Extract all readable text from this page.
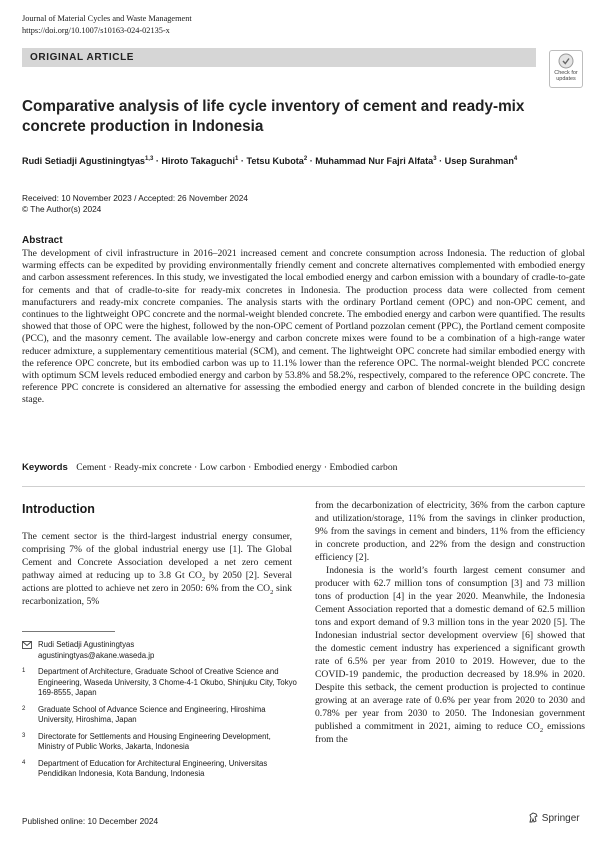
Journal of Material Cycles and Waste Management
https://doi.org/10.1007/s10163-024-02135-x
ORIGINAL ARTICLE
Check for
updates
Comparative analysis of life cycle inventory of cement and ready-mix concrete production in Indonesia
Rudi Setiadji Agustiningtyas$^{1,3}$ · Hiroto Takaguchi$^1$ · Tetsu Kubota$^2$ · Muhammad Nur Fajri Alfata$^3$ · Usep Surahman$^4$
Received: 10 November 2023 / Accepted: 26 November 2024
© The Author(s) 2024
Abstract
The development of civil infrastructure in 2016–2021 increased cement and concrete consumption across Indonesia. The reduction of global warming effects can be expedited by providing environmentally friendly cement and concrete alternatives complemented with embodied energy and carbon assessment references. In this study, we investigated the local embodied energy and carbon emission with a boundary of cradle-to-gate for cements and that of cradle-to-site for ready-mix concretes in Indonesia. The production process data were collected from cement manufacturers and ready-mix concrete companies. The analysis starts with the ordinary Portland cement (OPC) and non-OPC cement, and continues to the lightweight OPC concrete and the normal-weight blended concrete. The embodied energy and carbon were quantified. The results showed that those of OPC were the highest, followed by the non-OPC cement of Portland pozzolan cement (PPC), the Portland cement composite (PCC), and the masonry cement. The available low-energy and carbon concrete mixes were found to be a combination of a high-range water reducer admixture, a supplementary cementitious material (SCM), and cement. The lightweight OPC concrete had similar embodied energy with the reference OPC concrete, but its embodied carbon was up to 11.1% lower than the reference OPC. The normal-weight blended PCC concrete with optimum SCM levels reduced embodied energy and carbon by 53.8% and 58.2%, respectively, compared to the reference OPC concrete. The reference PPC concrete is considered an alternative for assessing the embodied energy and carbon of blended concrete in the building design stage.
Keywords Cement · Ready-mix concrete · Low carbon · Embodied energy · Embodied carbon
Introduction
The cement sector is the third-largest industrial energy consumer, comprising 7% of the global industrial energy use [1]. The Global Cement and Concrete Association developed a net zero cement pathway aimed at reducing up to 3.8 Gt $CO_2$ by 2050 [2]. Several actions are plotted to achieve net zero in 2050: 6% from the $CO_2$ sink recarbonization, 5%

from the decarbonization of electricity, 36% from the carbon capture and utilization/storage, 11% from the savings in clinker production, 9% from the savings in cement and binders, 11% from the efficiency in concrete production, and 22% from the design and construction efficiency [2].

Indonesia is the world’s fourth largest cement consumer and producer with 62.7 million tons of consumption [3] and 73 million tons of production [4] in the year 2020. Meanwhile, the Indonesia Cement Association reported that a domestic demand of 62.5 million tons and export demand of 9.3 million tons in the year 2020 [5]. The Indonesian industrial sector development overview [6] showed that the domestic cement industry has experienced a significant growth rate of 6.5% per year from 2010 to 2019. However, due to the COVID-19 pandemic, the production decreased by 18.9% in 2020. Despite this setback, the cement production is projected to continue growing at an average rate of 0.6% per year from 2020 to 2030 and 0.78% per year from 2030 to 2050. The Indonesian government published a commitment in 2021, aiming to reduce $CO_2$ emissions from the

Rudi Setiadji Agustiningtyas
agustiningtyas@akane.waseda.jp
1 Department of Architecture, Graduate School of Creative Science and Engineering, Waseda University, 3 Chome-4-1 Okubo, Shinjuku City, Tokyo 169-8555, Japan
2 Graduate School of Advance Science and Engineering, Hiroshima University, Hiroshima, Japan
3 Directorate for Settlements and Housing Engineering Development, Ministry of Public Works, Jakarta, Indonesia
4 Department of Education for Architectural Engineering, Universitas Pendidikan Indonesia, Kota Bandung, Indonesia
Published online: 10 December 2024	Springer
